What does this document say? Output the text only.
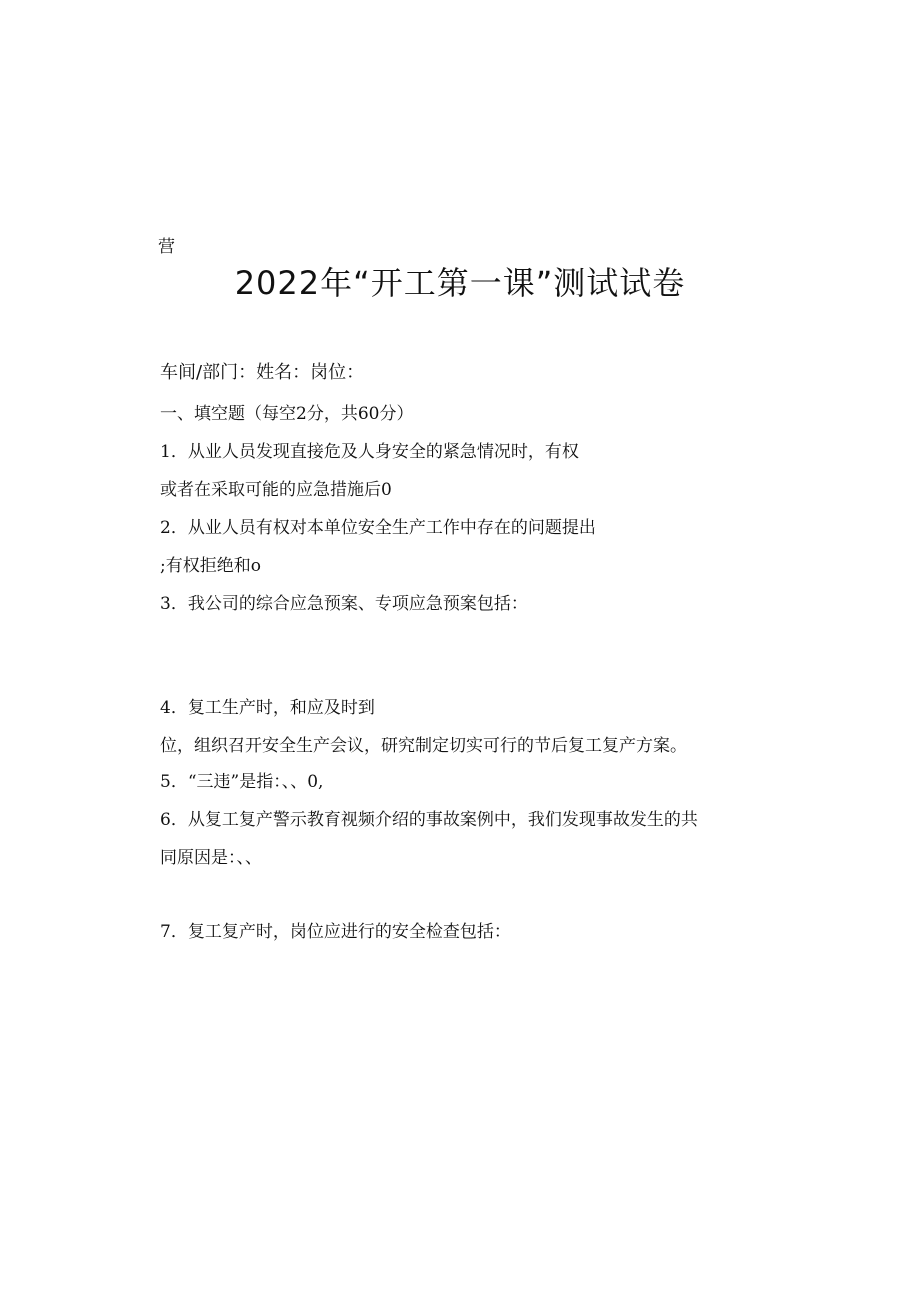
营
2022年“开工第一课”测试试卷
车间/部门：姓名：岗位：
一、填空题（每空2分，共60分）
1．从业人员发现直接危及人身安全的紧急情况时，有权
或者在采取可能的应急措施后0
2．从业人员有权对本单位安全生产工作中存在的问题提出
;有权拒绝和o
3．我公司的综合应急预案、专项应急预案包括：
4．复工生产时，和应及时到
位，组织召开安全生产会议，研究制定切实可行的节后复工复产方案。
5．“三违”是指：、、0,
6．从复工复产警示教育视频介绍的事故案例中，我们发现事故发生的共
同原因是：、、
7．复工复产时，岗位应进行的安全检查包括：
